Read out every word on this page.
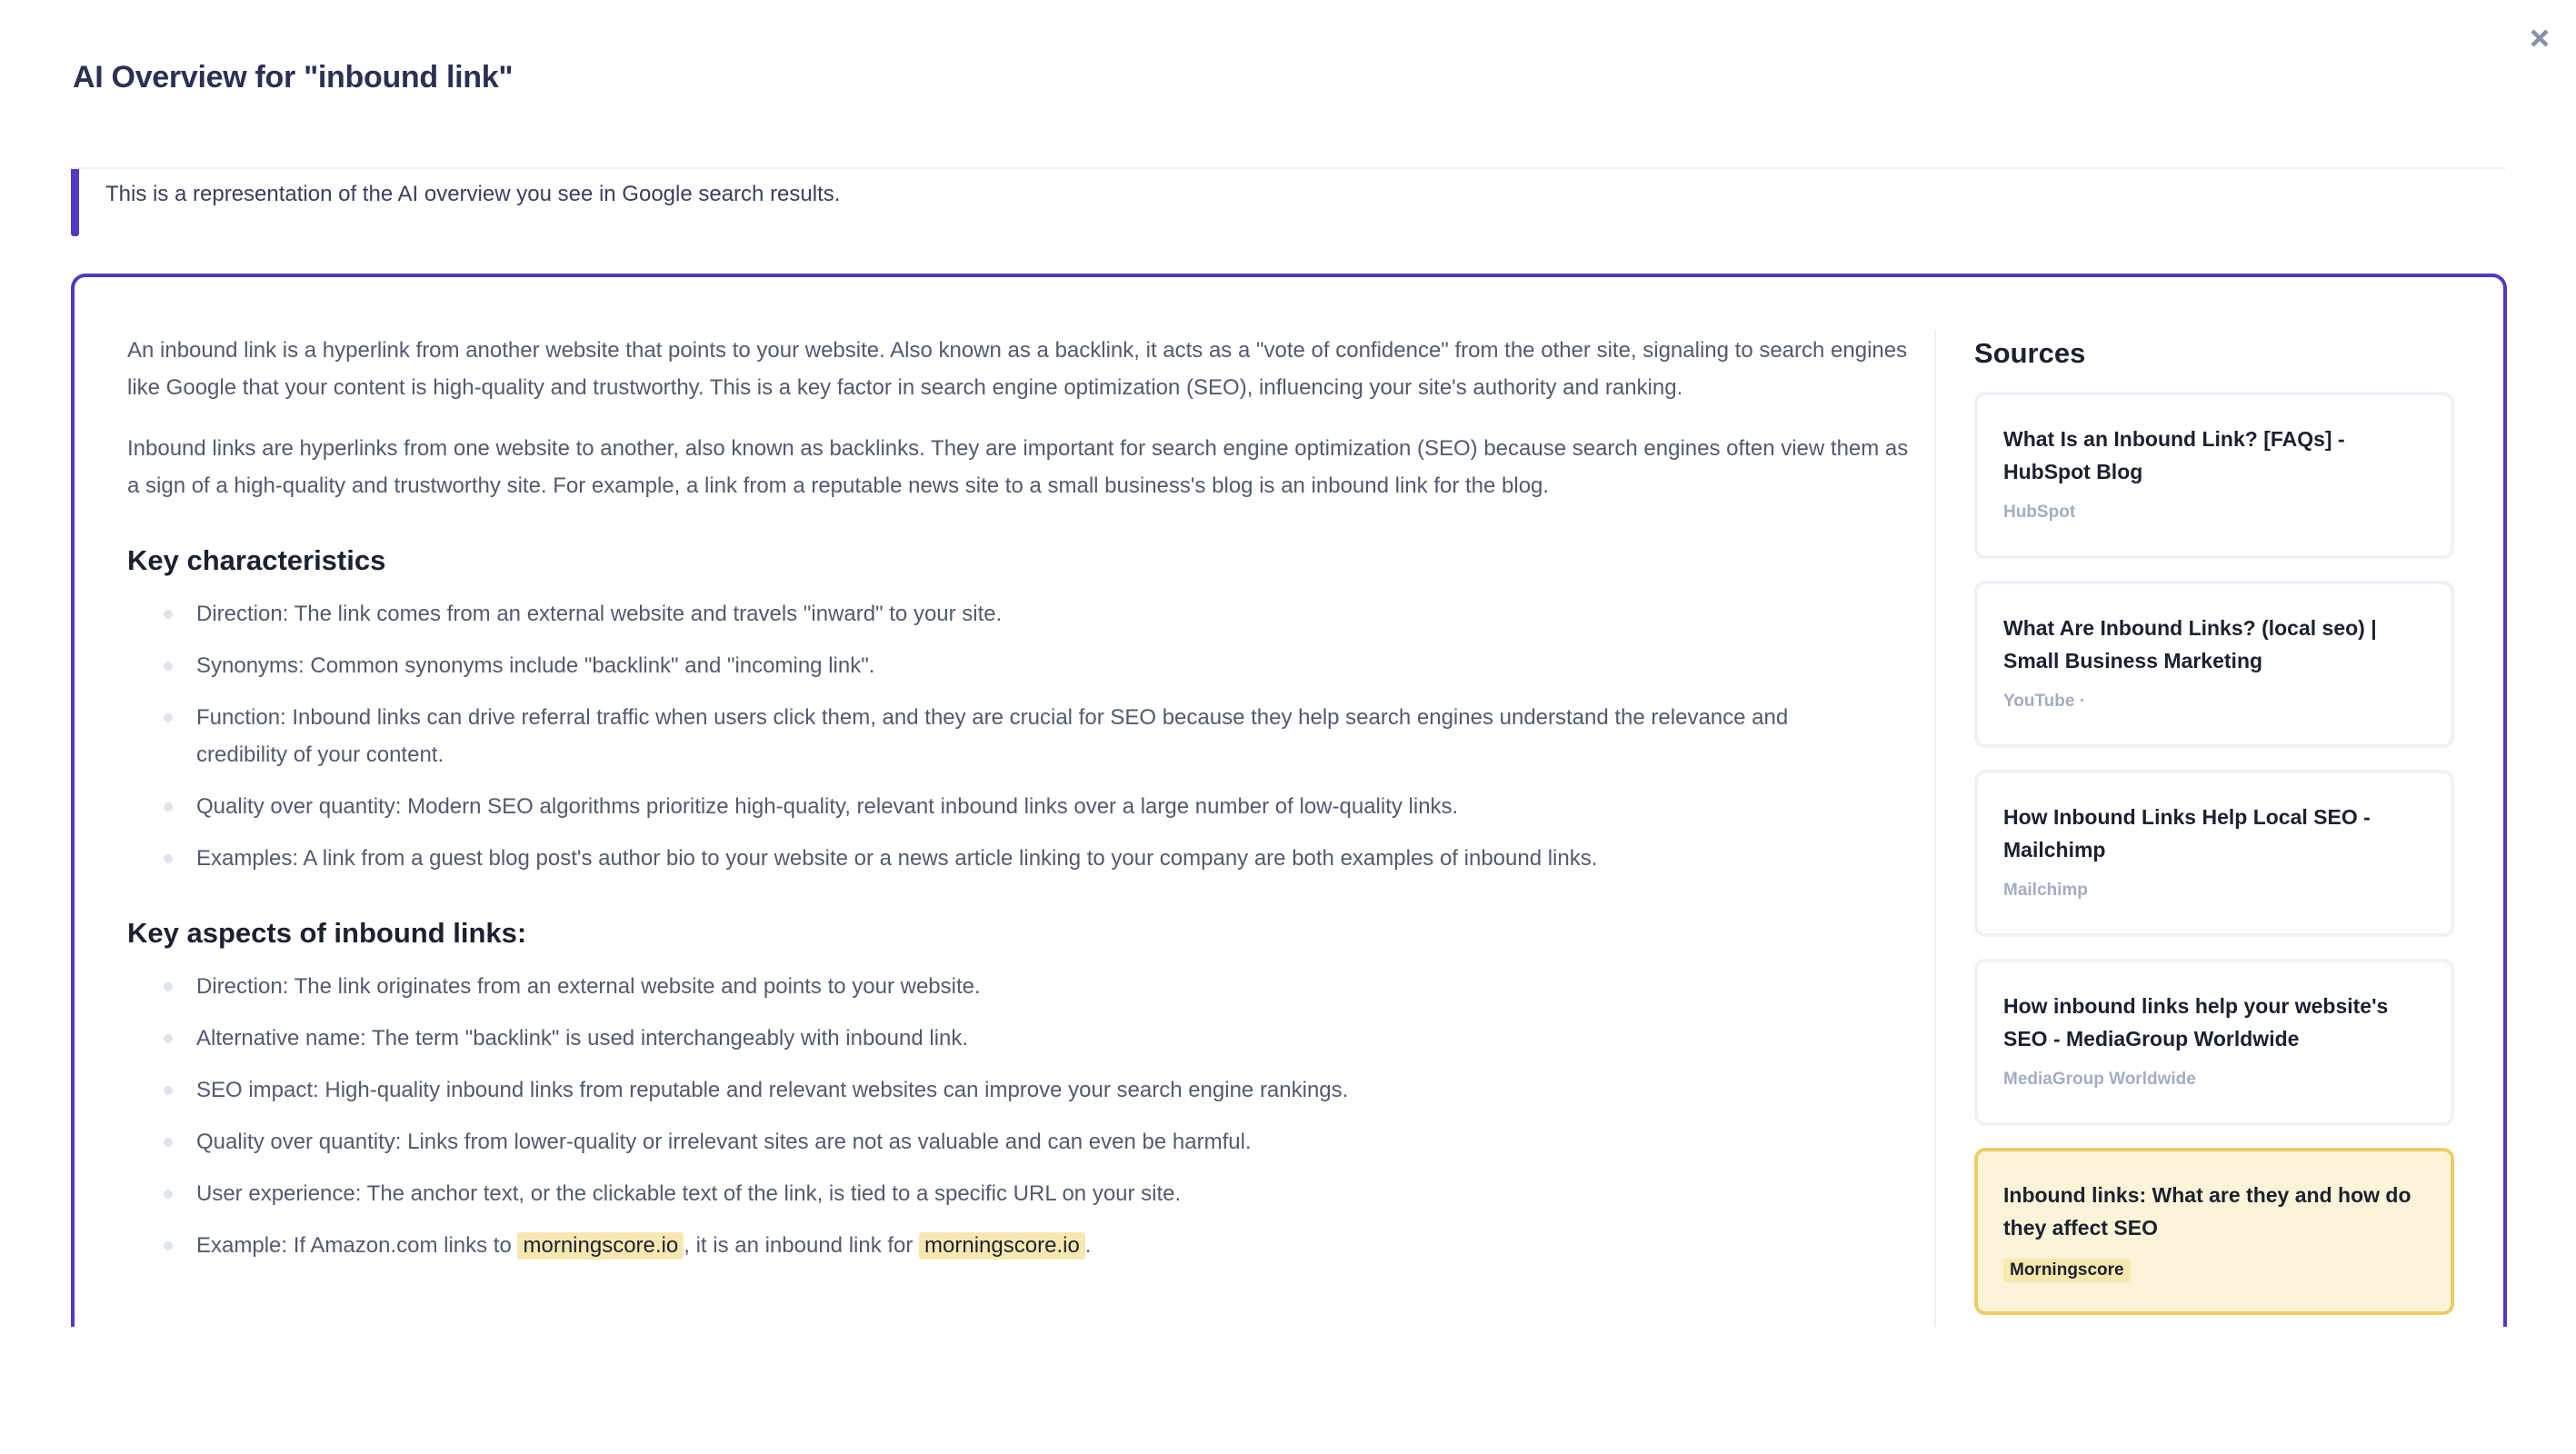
AI Overview for "inbound link"
This is a representation of the AI overview you see in Google search results.

An inbound link is a hyperlink from another website that points to your website. Also known as a backlink, it acts as a "vote of confidence" from the other site, signaling to search engines like Google that your content is high-quality and trustworthy. This is a key factor in search engine optimization (SEO), influencing your site's authority and ranking.

Inbound links are hyperlinks from one website to another, also known as backlinks. They are important for search engine optimization (SEO) because search engines often view them as a sign of a high-quality and trustworthy site. For example, a link from a reputable news site to a small business's blog is an inbound link for the blog.

Key characteristics
Direction: The link comes from an external website and travels "inward" to your site.
Synonyms: Common synonyms include "backlink" and "incoming link".
Function: Inbound links can drive referral traffic when users click them, and they are crucial for SEO because they help search engines understand the relevance and credibility of your content.
Quality over quantity: Modern SEO algorithms prioritize high-quality, relevant inbound links over a large number of low-quality links.
Examples: A link from a guest blog post's author bio to your website or a news article linking to your company are both examples of inbound links.
Key aspects of inbound links:
Direction: The link originates from an external website and points to your website.
Alternative name: The term "backlink" is used interchangeably with inbound link.
SEO impact: High-quality inbound links from reputable and relevant websites can improve your search engine rankings.
Quality over quantity: Links from lower-quality or irrelevant sites are not as valuable and can even be harmful.
User experience: The anchor text, or the clickable text of the link, is tied to a specific URL on your site.
Example: If Amazon.com links to morningscore.io , it is an inbound link for morningscore.io .
Sources
What Is an Inbound Link? [FAQs] - HubSpot Blog
HubSpot
What Are Inbound Links? (local seo) | Small Business Marketing
YouTube ·
How Inbound Links Help Local SEO - Mailchimp
Mailchimp
How inbound links help your website's SEO - MediaGroup Worldwide
MediaGroup Worldwide
Inbound links: What are they and how do they affect SEO
Morningscore
